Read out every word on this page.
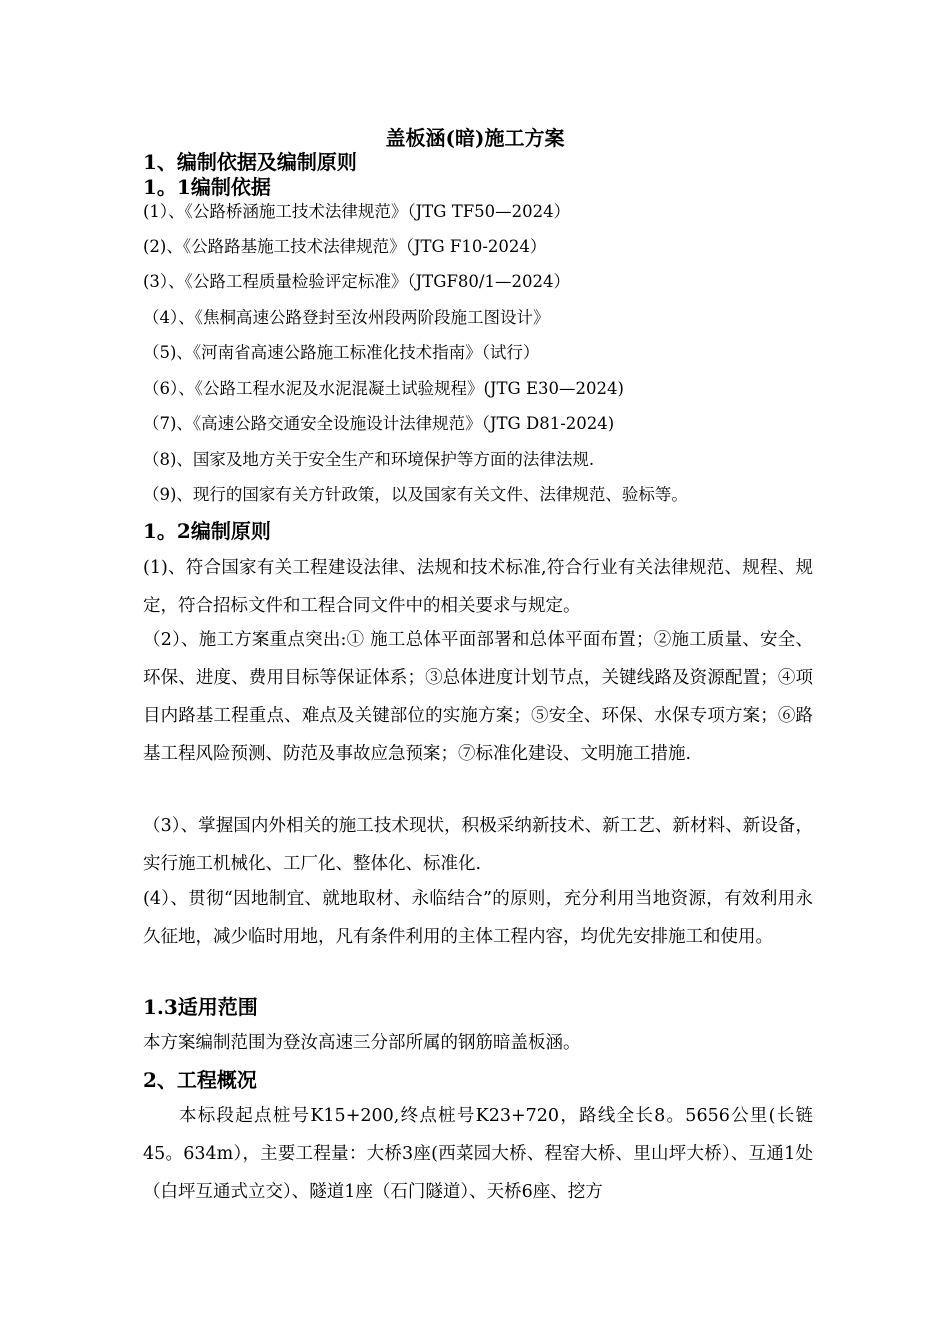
盖板涵(暗)施工方案
1、编制依据及编制原则
1。1编制依据
(1）、《公路桥涵施工技术法律规范》（JTG TF50—2024）
(2)、《公路路基施工技术法律规范》（JTG F10-2024）
(3）、《公路工程质量检验评定标准》（JTGF80/1—2024）
（4）、《焦桐高速公路登封至汝州段两阶段施工图设计》
（5)、《河南省高速公路施工标准化技术指南》（试行）
（6）、《公路工程水泥及水泥混凝土试验规程》(JTG E30—2024)
（7)、《高速公路交通安全设施设计法律规范》（JTG D81-2024)
（8)、国家及地方关于安全生产和环境保护等方面的法律法规.
（9)、现行的国家有关方针政策，以及国家有关文件、法律规范、验标等。
1。2编制原则
(1)、符合国家有关工程建设法律、法规和技术标准,符合行业有关法律规范、规程、规定，符合招标文件和工程合同文件中的相关要求与规定。
（2）、施工方案重点突出:① 施工总体平面部署和总体平面布置；②施工质量、安全、环保、进度、费用目标等保证体系；③总体进度计划节点，关键线路及资源配置；④项目内路基工程重点、难点及关键部位的实施方案；⑤安全、环保、水保专项方案；⑥路基工程风险预测、防范及事故应急预案；⑦标准化建设、文明施工措施.
（3）、掌握国内外相关的施工技术现状，积极采纳新技术、新工艺、新材料、新设备，实行施工机械化、工厂化、整体化、标准化.
(4）、贯彻“因地制宜、就地取材、永临结合”的原则，充分利用当地资源，有效利用永久征地，减少临时用地，凡有条件利用的主体工程内容，均优先安排施工和使用。
1.3适用范围
本方案编制范围为登汝高速三分部所属的钢筋暗盖板涵。
2、工程概况
本标段起点桩号K15+200,终点桩号K23+720，路线全长8。5656公里(长链45。634m），主要工程量：大桥3座(西菜园大桥、程窑大桥、里山坪大桥）、互通1处（白坪互通式立交）、隧道1座（石门隧道）、天桥6座、挖方
